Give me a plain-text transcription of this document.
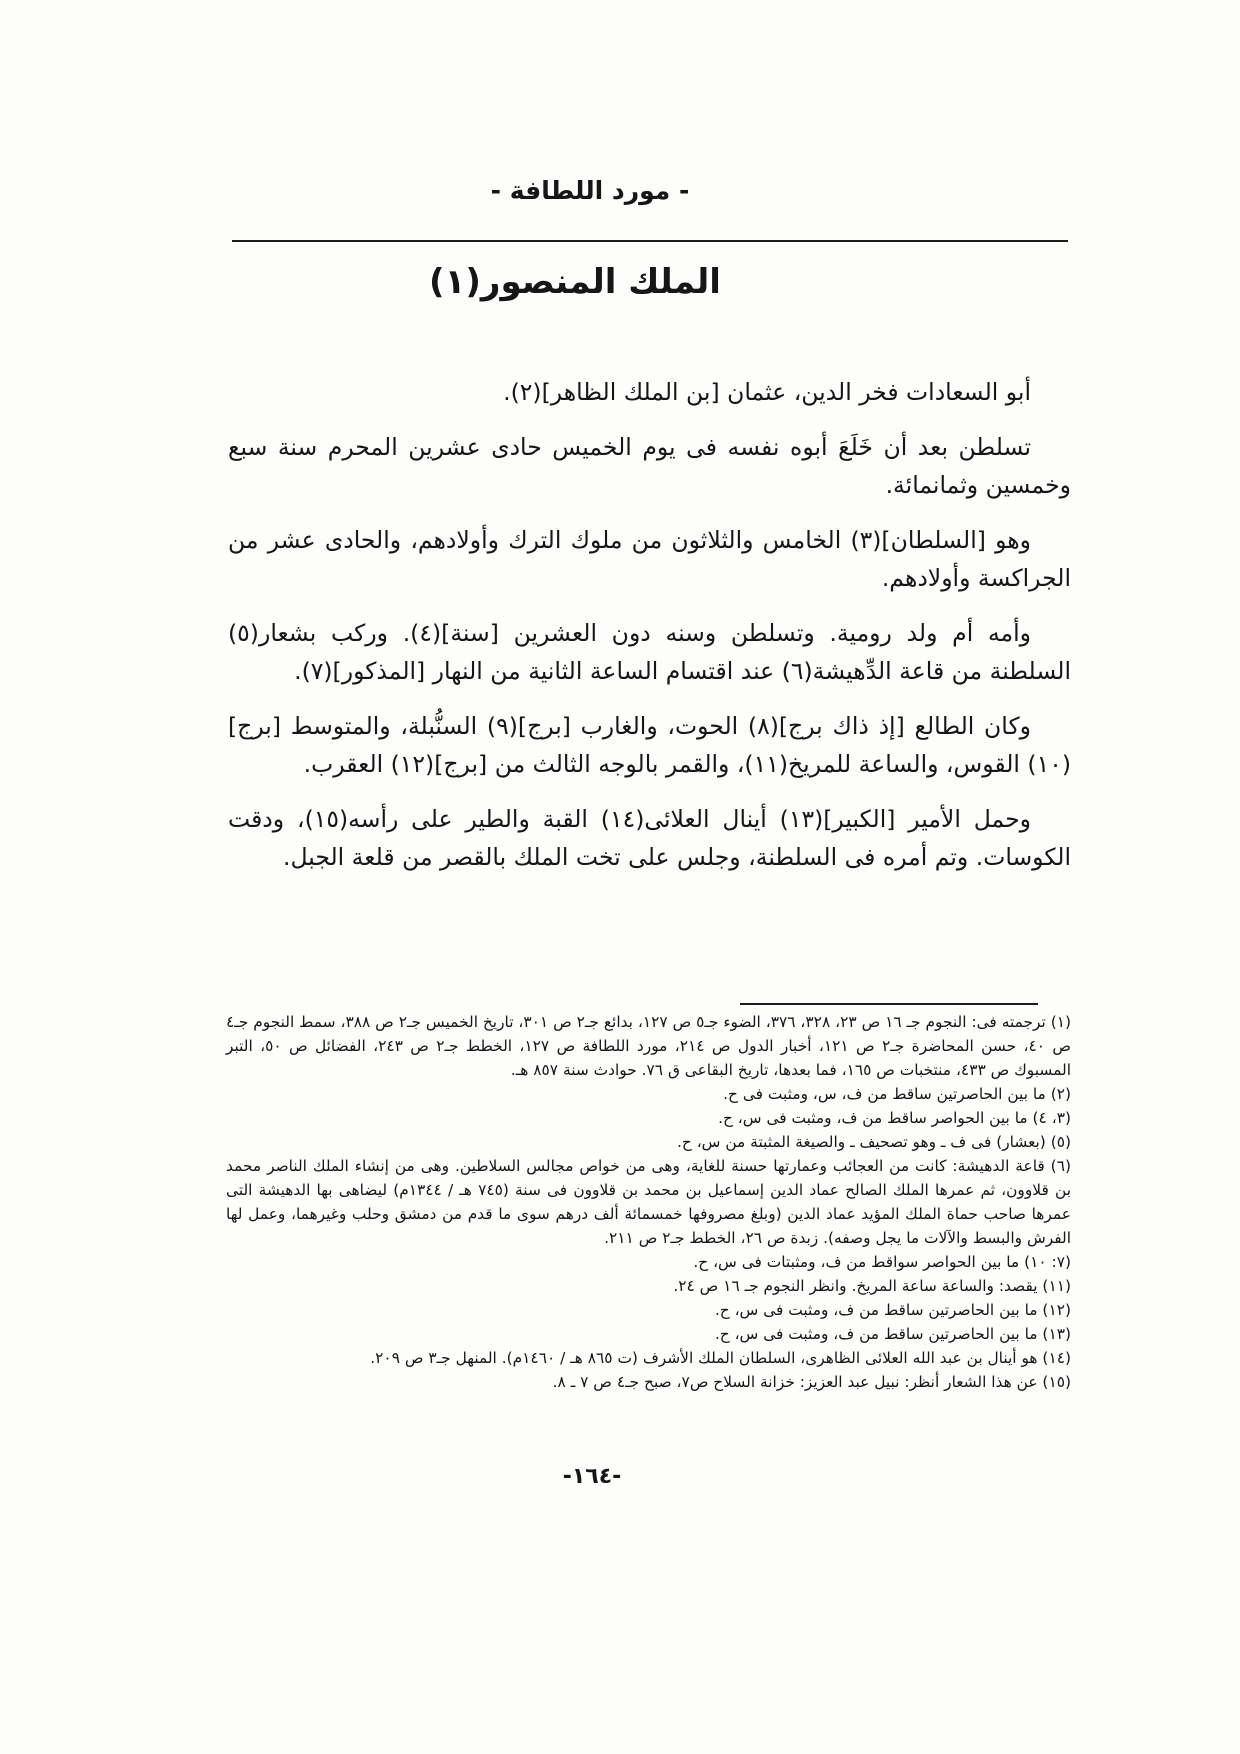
- مورد اللطافة -
الملك المنصور(١)

أبو السعادات فخر الدين، عثمان [بن الملك الظاهر](٢).

تسلطن بعد أن خَلَعَ أبوه نفسه فى يوم الخميس حادى عشرين المحرم سنة سبع وخمسين وثمانمائة.

وهو [السلطان](٣) الخامس والثلاثون من ملوك الترك وأولادهم، والحادى عشر من الجراكسة وأولادهم.

وأمه أم ولد رومية. وتسلطن وسنه دون العشرين [سنة](٤). وركب بشعار(٥) السلطنة من قاعة الدِّهيشة(٦) عند اقتسام الساعة الثانية من النهار [المذكور](٧).

وكان الطالع [إذ ذاك برج](٨) الحوت، والغارب [برج](٩) السنُّبلة، والمتوسط [برج](١٠) القوس، والساعة للمريخ(١١)، والقمر بالوجه الثالث من [برج](١٢) العقرب.

وحمل الأمير [الكبير](١٣) أينال العلائى(١٤) القبة والطير على رأسه(١٥)، ودقت الكوسات. وتم أمره فى السلطنة، وجلس على تخت الملك بالقصر من قلعة الجبل.

(١) ترجمته فى: النجوم جـ ١٦ ص ٢٣، ٣٢٨، ٣٧٦، الضوء جـ٥ ص ١٢٧، بدائع جـ٢ ص ٣٠١، تاريخ الخميس جـ٢ ص ٣٨٨، سمط النجوم جـ٤ ص ٤٠، حسن المحاضرة جـ٢ ص ١٢١، أخبار الدول ص ٢١٤، مورد اللطافة ص ١٢٧، الخطط جـ٢ ص ٢٤٣، الفضائل ص ٥٠، التبر المسبوك ص ٤٣٣، منتخبات ص ١٦٥، فما بعدها، تاريخ البقاعى ق ٧٦. حوادث سنة ٨٥٧ هـ.

(٢) ما بين الحاصرتين ساقط من ف، س، ومثبت فى ح.

(٣، ٤) ما بين الحواصر ساقط من ف، ومثبت فى س، ح.

(٥) (بعشار) فى ف ـ وهو تصحيف ـ والصيغة المثبتة من س، ح.

(٦) قاعة الدهيشة: كانت من العجائب وعمارتها حسنة للغاية، وهى من خواص مجالس السلاطين. وهى من إنشاء الملك الناصر محمد بن قلاوون، ثم عمرها الملك الصالح عماد الدين إسماعيل بن محمد بن قلاوون فى سنة (٧٤٥ هـ / ١٣٤٤م) ليضاهى بها الدهيشة التى عمرها صاحب حماة الملك المؤيد عماد الدين (وبلغ مصروفها خمسمائة ألف درهم سوى ما قدم من دمشق وحلب وغيرهما، وعمل لها الفرش والبسط والآلات ما يجل وصفه). زبدة ص ٢٦، الخطط جـ٢ ص ٢١١.

(٧: ١٠) ما بين الحواصر سواقط من ف، ومثبتات فى س، ح.

(١١) يقصد: والساعة ساعة المريخ. وانظر النجوم جـ ١٦ ص ٢٤.

(١٢) ما بين الحاصرتين ساقط من ف، ومثبت فى س، ح.

(١٣) ما بين الحاصرتين ساقط من ف، ومثبت فى س، ح.

(١٤) هو أينال بن عبد الله العلائى الظاهرى، السلطان الملك الأشرف (ت ٨٦٥ هـ / ١٤٦٠م). المنهل جـ٣ ص ٢٠٩.

(١٥) عن هذا الشعار أنظر: نبيل عبد العزيز: خزانة السلاح ص٧، صبح جـ٤ ص ٧ ـ ٨.

-١٦٤-
